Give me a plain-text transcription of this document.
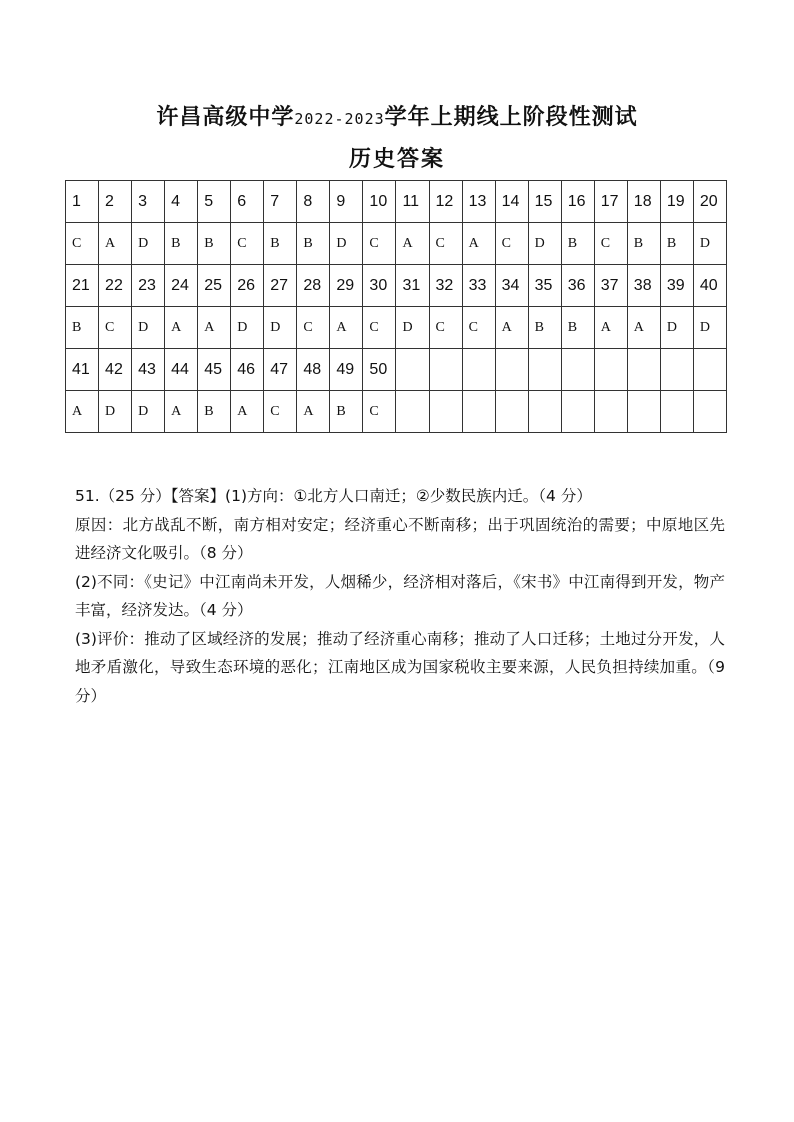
许昌高级中学2022-2023学年上期线上阶段性测试
历史答案
1	2	3	4	5	6	7	8	9	10	11	12	13	14	15	16	17	18	19	20
C	A	D	B	B	C	B	B	D	C	A	C	A	C	D	B	C	B	B	D
21	22	23	24	25	26	27	28	29	30	31	32	33	34	35	36	37	38	39	40
B	C	D	A	A	D	D	C	A	C	D	C	C	A	B	B	A	A	D	D
41	42	43	44	45	46	47	48	49	50										
A	D	D	A	B	A	C	A	B	C										

51.（25 分）【答案】(1)方向：①北方人口南迁；②少数民族内迁。（4 分）

原因：北方战乱不断，南方相对安定；经济重心不断南移；出于巩固统治的需要；中原地区先进经济文化吸引。（8 分）

(2)不同：《史记》中江南尚未开发，人烟稀少，经济相对落后，《宋书》中江南得到开发，物产丰富，经济发达。（4 分）

(3)评价：推动了区域经济的发展；推动了经济重心南移；推动了人口迁移；土地过分开发，人地矛盾激化，导致生态环境的恶化；江南地区成为国家税收主要来源，人民负担持续加重。（9 分）
